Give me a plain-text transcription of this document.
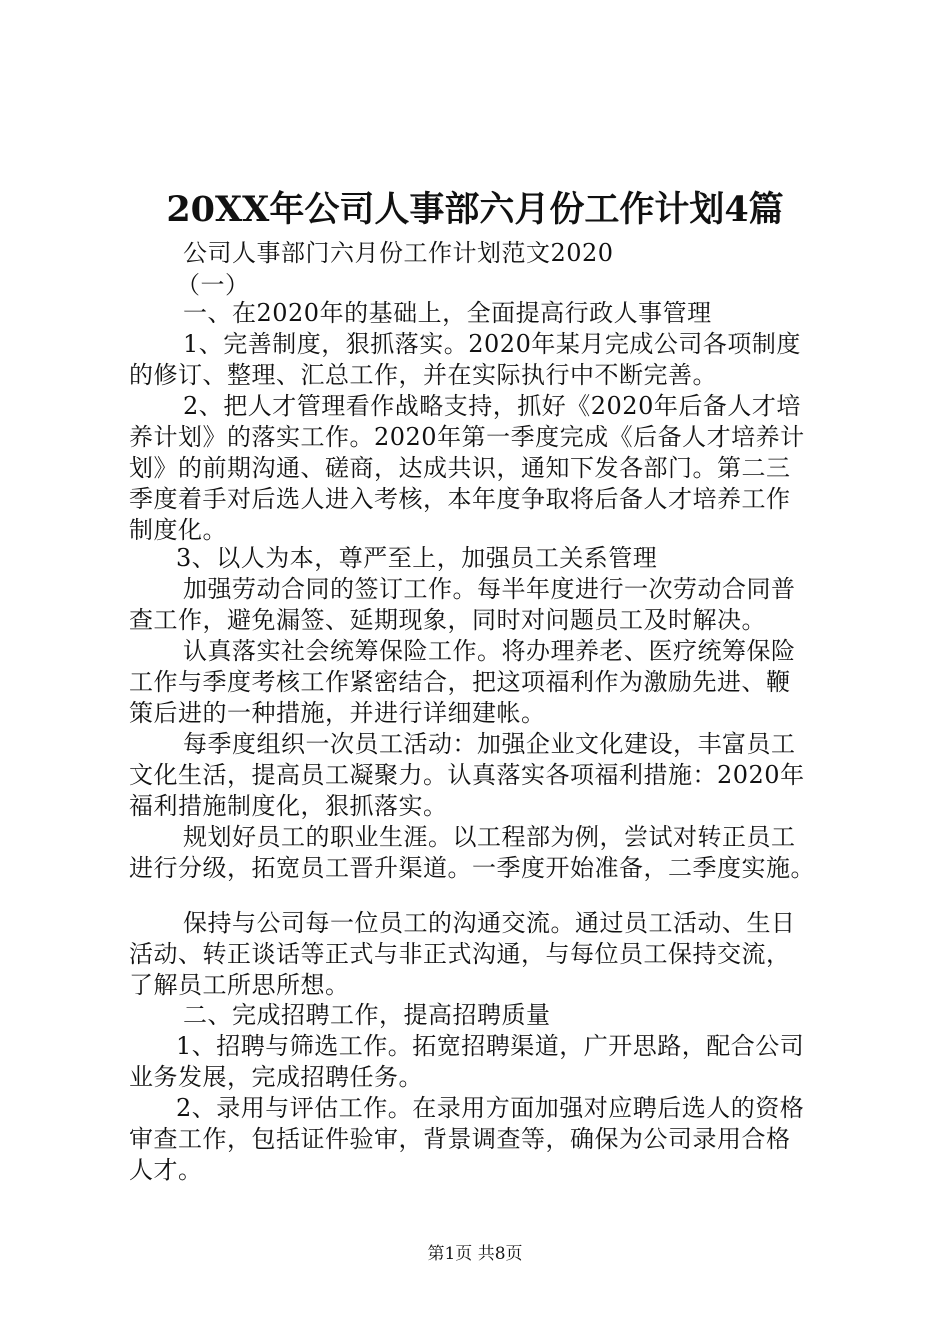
20XX年公司人事部六月份工作计划4篇
公司人事部门六月份工作计划范文2020
（一）
一、在2020年的基础上，全面提高行政人事管理
1、完善制度，狠抓落实。2020年某月完成公司各项制度
的修订、整理、汇总工作，并在实际执行中不断完善。
2、把人才管理看作战略支持，抓好《2020年后备人才培
养计划》的落实工作。2020年第一季度完成《后备人才培养计
划》的前期沟通、磋商，达成共识，通知下发各部门。第二三
季度着手对后选人进入考核，本年度争取将后备人才培养工作
制度化。
3、以人为本，尊严至上，加强员工关系管理
加强劳动合同的签订工作。每半年度进行一次劳动合同普
查工作，避免漏签、延期现象，同时对问题员工及时解决。
认真落实社会统筹保险工作。将办理养老、医疗统筹保险
工作与季度考核工作紧密结合，把这项福利作为激励先进、鞭
策后进的一种措施，并进行详细建帐。
每季度组织一次员工活动：加强企业文化建设，丰富员工
文化生活，提高员工凝聚力。认真落实各项福利措施：2020年
福利措施制度化，狠抓落实。
规划好员工的职业生涯。以工程部为例，尝试对转正员工
进行分级，拓宽员工晋升渠道。一季度开始准备，二季度实施。
保持与公司每一位员工的沟通交流。通过员工活动、生日
活动、转正谈话等正式与非正式沟通，与每位员工保持交流，
了解员工所思所想。
二、完成招聘工作，提高招聘质量
1、招聘与筛选工作。拓宽招聘渠道，广开思路，配合公司
业务发展，完成招聘任务。
2、录用与评估工作。在录用方面加强对应聘后选人的资格
审查工作，包括证件验审，背景调查等，确保为公司录用合格
人才。
第1页 共8页
